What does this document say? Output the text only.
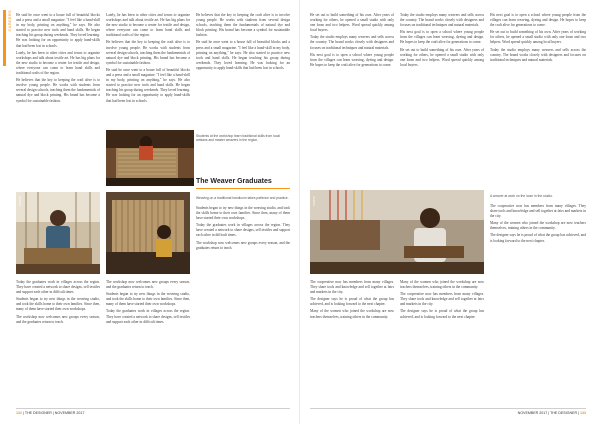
CAREERS He said he once went to a house full of beautiful blocks and a press and a small magazine. "I feel like a hand-skill in my body, printing on anything," he says. He also started to practice new tools and hand skills. He began teaching his group during weekends. They loved learning. He was looking for an opportunity to apply hand-skills that had been lost in schools.

Lately, he has been to other cities and towns to organize workshops and talk about textile art. He has big plans for the new studio to become a center for textile and design, where everyone can come to learn hand skills and traditional crafts of the region.

He believes that the key to keeping the craft alive is to involve young people. He works with students from several design schools, teaching them the fundamentals of natural dye and block printing. His brand has become a symbol for sustainable fashion.

Lately, he has been to other cities and towns to organize workshops and talk about textile art. He has big plans for the new studio to become a center for textile and design, where everyone can come to learn hand skills and traditional crafts of the region.

He believes that the key to keeping the craft alive is to involve young people. He works with students from several design schools, teaching them the fundamentals of natural dye and block printing. His brand has become a symbol for sustainable fashion.

He said he once went to a house full of beautiful blocks and a press and a small magazine. "I feel like a hand-skill in my body, printing on anything," he says. He also started to practice new tools and hand skills. He began teaching his group during weekends. They loved learning. He was looking for an opportunity to apply hand-skills that had been lost in schools.

He believes that the key to keeping the craft alive is to involve young people. He works with students from several design schools, teaching them the fundamentals of natural dye and block printing. His brand has become a symbol for sustainable fashion.

He said he once went to a house full of beautiful blocks and a press and a small magazine. "I feel like a hand-skill in my body, printing on anything," he says. He also started to practice new tools and hand skills. He began teaching his group during weekends. They loved learning. He was looking for an opportunity to apply hand-skills that had been lost in schools.

Students at the workshop learn traditional skills from local artisans and master weavers in the region.
The Weaver Graduates
PHOTO	Weaving on a traditional handloom takes patience and practice.

Students began to try new things in the weaving studio, and took the skills home to their own families. Since then, many of them have started their own workshops.

Today the graduates work in villages across the region. They have created a network to share designs, sell textiles and support each other in difficult times.

The workshop now welcomes new groups every season, and the graduates return to teach.

Today the graduates work in villages across the region. They have created a network to share designs, sell textiles and support each other in difficult times.

Students began to try new things in the weaving studio, and took the skills home to their own families. Since then, many of them have started their own workshops.

The workshop now welcomes new groups every season, and the graduates return to teach.

The workshop now welcomes new groups every season, and the graduates return to teach.

Students began to try new things in the weaving studio, and took the skills home to their own families. Since then, many of them have started their own workshops.

Today the graduates work in villages across the region. They have created a network to share designs, sell textiles and support each other in difficult times.

132 | THE DESIGNER | NOVEMBER 2017

He set out to build something of his own. After years of working for others, he opened a small studio with only one loom and two helpers. Word spread quickly among local buyers.

Today the studio employs many weavers and sells across the country. The brand works closely with designers and focuses on traditional techniques and natural materials.

His next goal is to open a school where young people from the villages can learn weaving, dyeing and design. He hopes to keep the craft alive for generations to come.

Today the studio employs many weavers and sells across the country. The brand works closely with designers and focuses on traditional techniques and natural materials.

His next goal is to open a school where young people from the villages can learn weaving, dyeing and design. He hopes to keep the craft alive for generations to come.

He set out to build something of his own. After years of working for others, he opened a small studio with only one loom and two helpers. Word spread quickly among local buyers.

His next goal is to open a school where young people from the villages can learn weaving, dyeing and design. He hopes to keep the craft alive for generations to come.

He set out to build something of his own. After years of working for others, he opened a small studio with only one loom and two helpers. Word spread quickly among local buyers.

Today the studio employs many weavers and sells across the country. The brand works closely with designers and focuses on traditional techniques and natural materials.

PHOTO	A weaver at work on the loom in the studio.

The cooperative now has members from many villages. They share tools and knowledge and sell together at fairs and markets in the city.

Many of the women who joined the workshop are now teachers themselves, training others in the community.

The designer says he is proud of what the group has achieved, and is looking forward to the next chapter.

The cooperative now has members from many villages. They share tools and knowledge and sell together at fairs and markets in the city.

The designer says he is proud of what the group has achieved, and is looking forward to the next chapter.

Many of the women who joined the workshop are now teachers themselves, training others in the community.

Many of the women who joined the workshop are now teachers themselves, training others in the community.

The cooperative now has members from many villages. They share tools and knowledge and sell together at fairs and markets in the city.

The designer says he is proud of what the group has achieved, and is looking forward to the next chapter.

NOVEMBER 2017 | THE DESIGNER | 133
